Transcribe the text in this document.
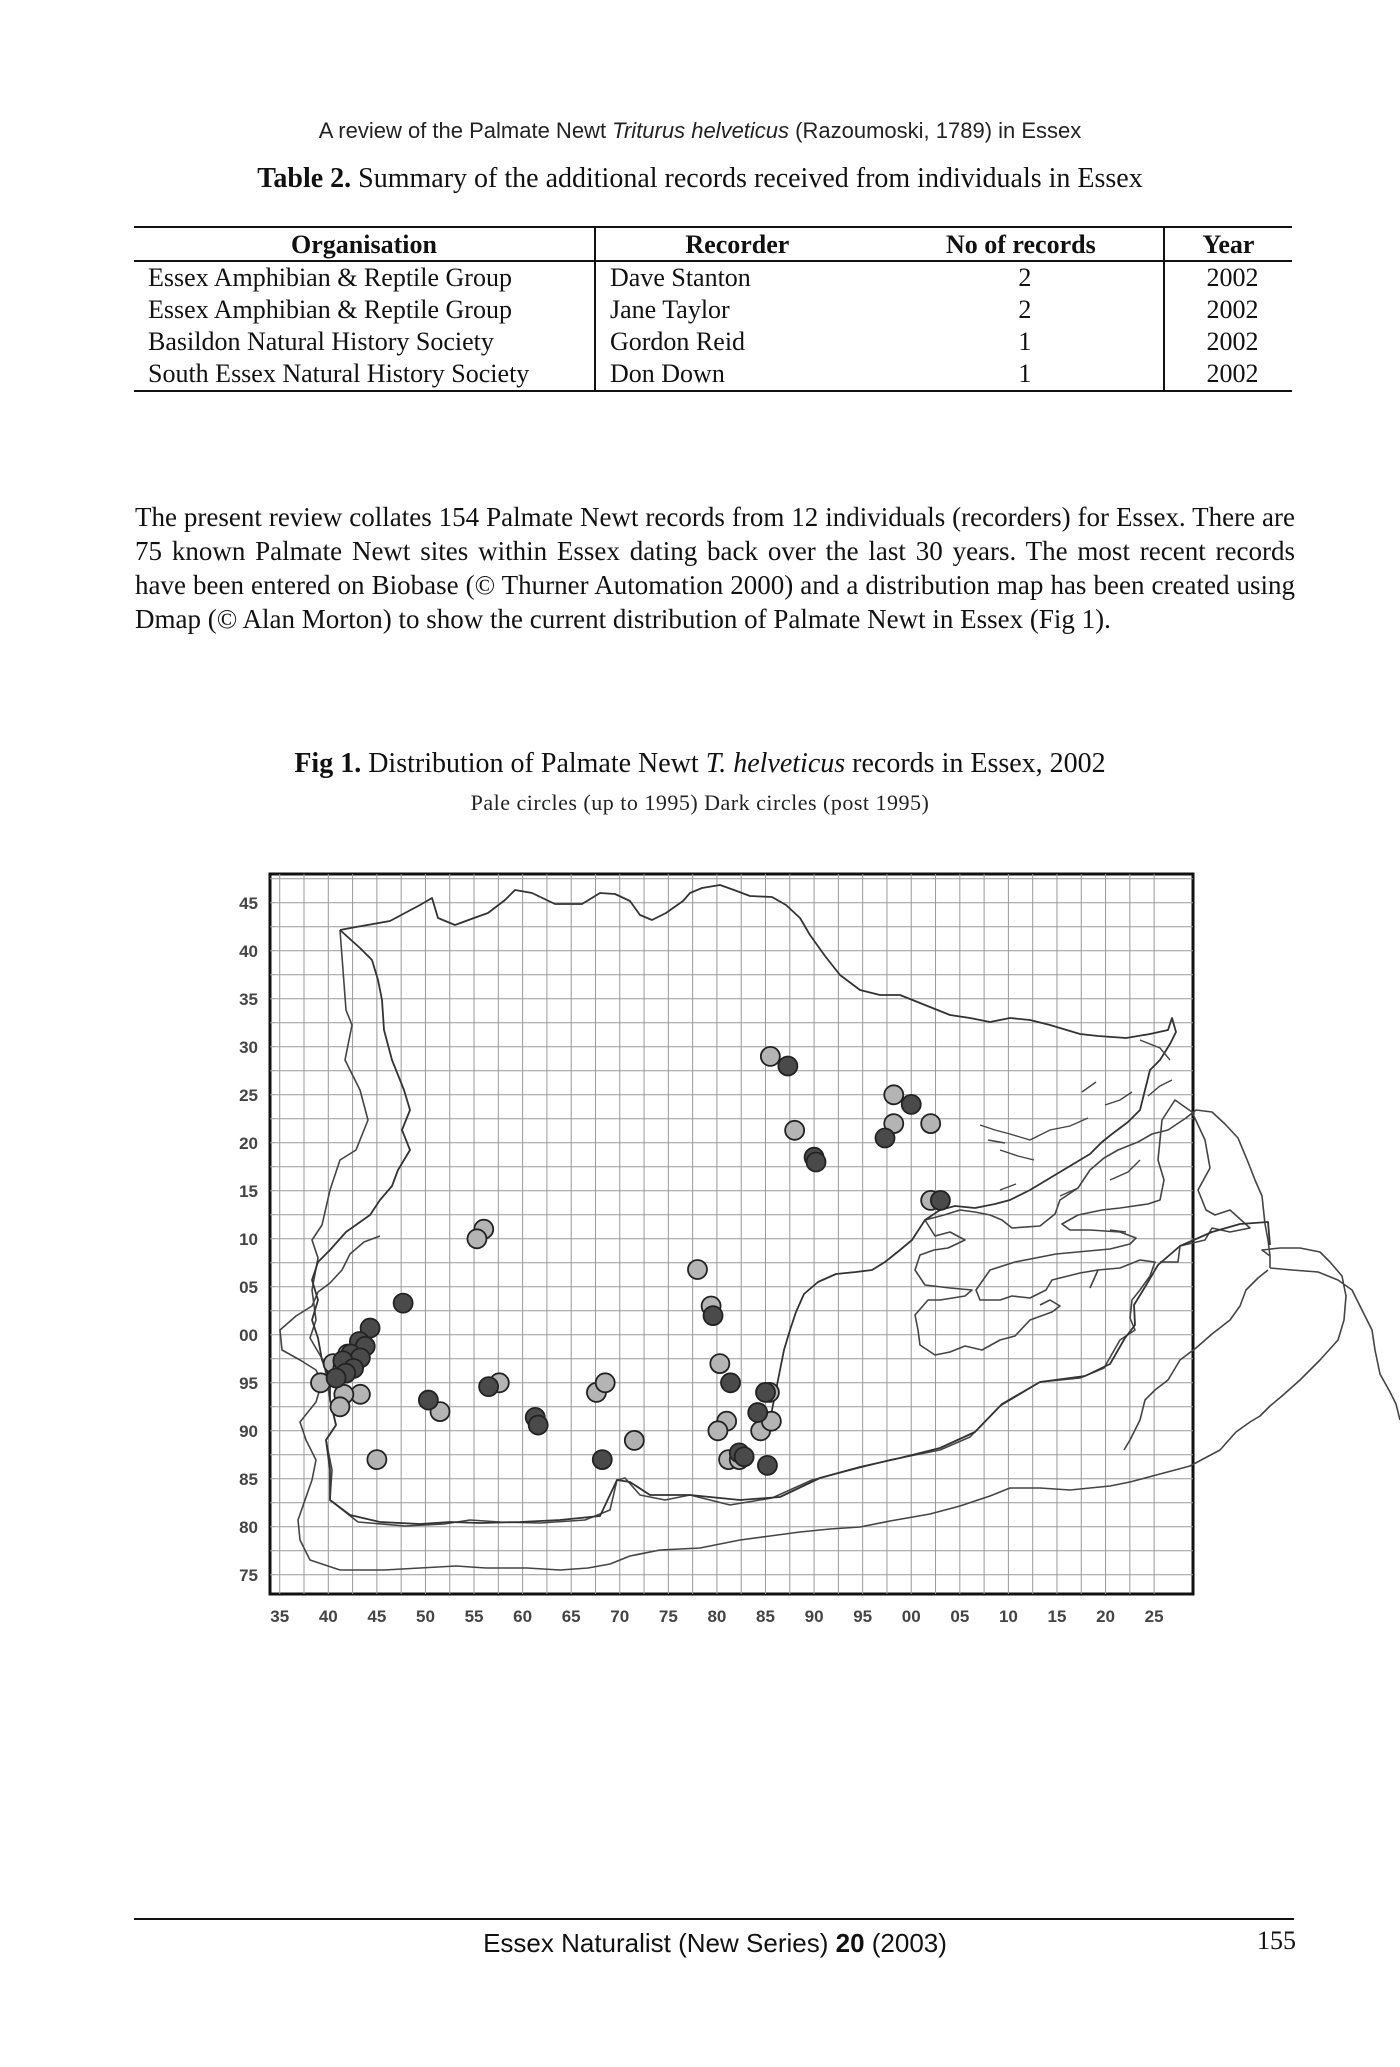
A review of the Palmate Newt Triturus helveticus (Razoumoski, 1789) in Essex
Table 2. Summary of the additional records received from individuals in Essex
Organisation	Recorder	No of records	Year
Essex Amphibian & Reptile Group	Dave Stanton	2	2002
Essex Amphibian & Reptile Group	Jane Taylor	2	2002
Basildon Natural History Society	Gordon Reid	1	2002
South Essex Natural History Society	Don Down	1	2002

The present review collates 154 Palmate Newt records from 12 individuals (recorders) for Essex. There are 75 known Palmate Newt sites within Essex dating back over the last 30 years. The most recent records have been entered on Biobase (© Thurner Automation 2000) and a distribution map has been created using Dmap (© Alan Morton) to show the current distribution of Palmate Newt in Essex (Fig 1).

Fig 1. Distribution of Palmate Newt T. helveticus records in Essex, 2002
Pale circles (up to 1995) Dark circles (post 1995)
35 40 45 50 55 60 65 70 75 80 85 90 95 00 05 10 15 20 25
45
40
35
30
25
20
15
10
05
00
95
90
85
80
75
Essex Naturalist (New Series) 20 (2003)	155
